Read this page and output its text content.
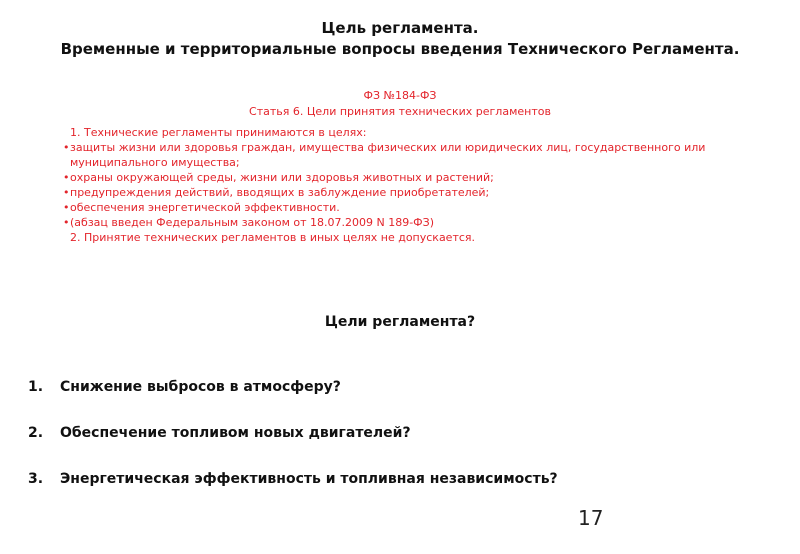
Цель регламента.
Временные и территориальные вопросы введения Технического Регламента.
ФЗ №184-ФЗ
Статья 6. Цели принятия технических регламентов
1. Технические регламенты принимаются в целях:
• защиты жизни или здоровья граждан, имущества физических или юридических лиц, государственного или муниципального имущества;
• охраны окружающей среды, жизни или здоровья животных и растений;
• предупреждения действий, вводящих в заблуждение приобретателей;
• обеспечения энергетической эффективности.
• (абзац введен Федеральным законом от 18.07.2009 N 189-ФЗ)
2. Принятие технических регламентов в иных целях не допускается.
Цели регламента?
1.	Снижение выбросов в атмосферу?
2.	Обеспечение топливом новых двигателей?
3.	Энергетическая эффективность и топливная независимость?
17
